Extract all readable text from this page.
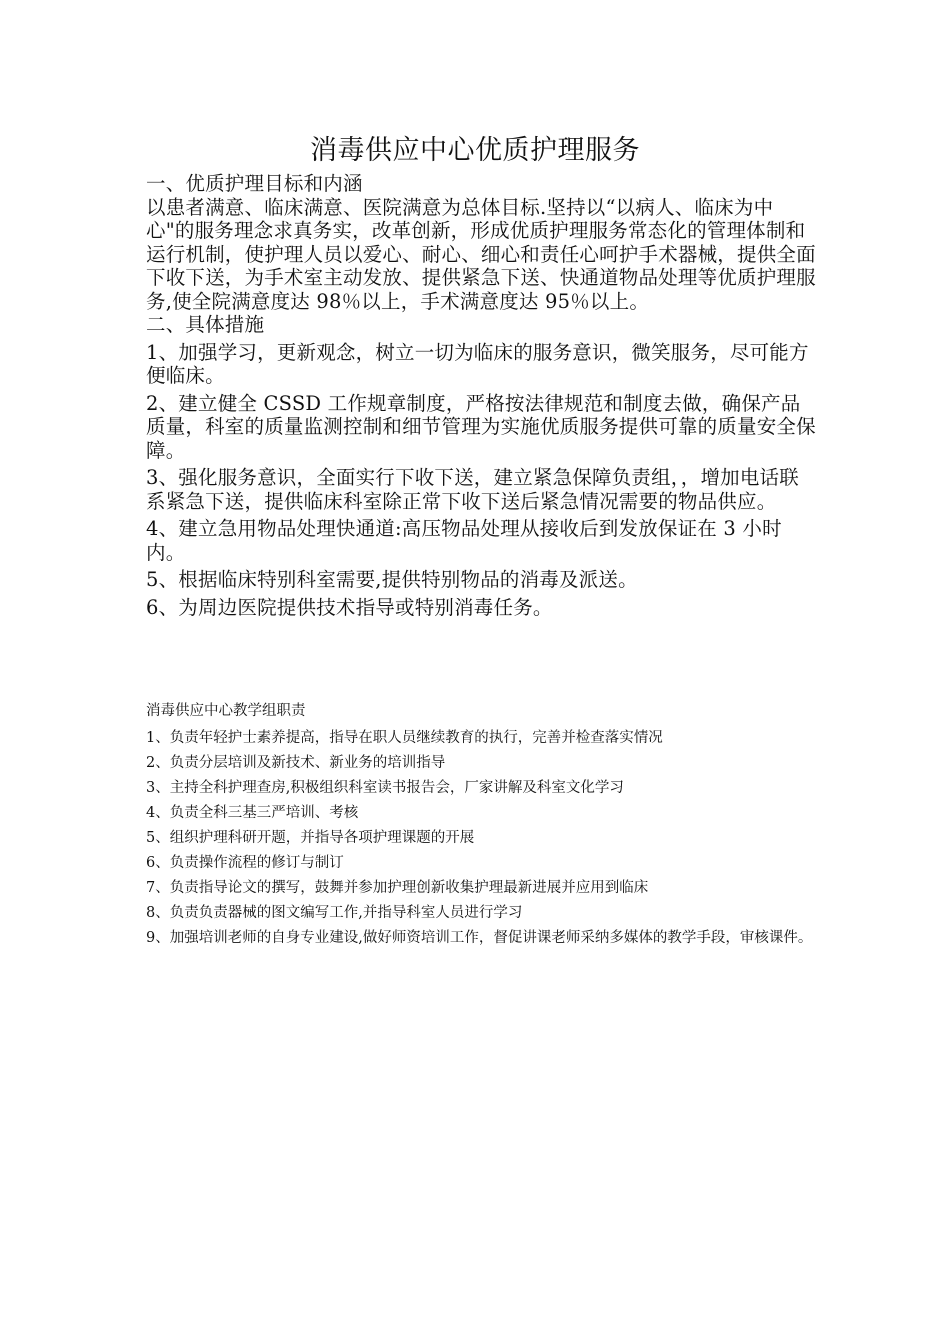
消毒供应中心优质护理服务

一、优质护理目标和内涵

以患者满意、临床满意、医院满意为总体目标.坚持以“以病人、临床为中心"的服务理念求真务实，改革创新，形成优质护理服务常态化的管理体制和运行机制，使护理人员以爱心、耐心、细心和责任心呵护手术器械，提供全面下收下送，为手术室主动发放、提供紧急下送、快通道物品处理等优质护理服务,使全院满意度达 98％以上，手术满意度达 95％以上。

二、具体措施

1、加强学习，更新观念，树立一切为临床的服务意识，微笑服务，尽可能方便临床。

2、建立健全 CSSD 工作规章制度，严格按法律规范和制度去做，确保产品质量，科室的质量监测控制和细节管理为实施优质服务提供可靠的质量安全保障。

3、强化服务意识，全面实行下收下送，建立紧急保障负责组，，增加电话联系紧急下送，提供临床科室除正常下收下送后紧急情况需要的物品供应。

4、建立急用物品处理快通道:高压物品处理从接收后到发放保证在 3 小时内。

5、根据临床特别科室需要,提供特别物品的消毒及派送。

6、为周边医院提供技术指导或特别消毒任务。

消毒供应中心教学组职责

1、负责年轻护士素养提高，指导在职人员继续教育的执行，完善并检查落实情况

2、负责分层培训及新技术、新业务的培训指导

3、主持全科护理查房,积极组织科室读书报告会，厂家讲解及科室文化学习

4、负责全科三基三严培训、考核

5、组织护理科研开题，并指导各项护理课题的开展

6、负责操作流程的修订与制订

7、负责指导论文的撰写，鼓舞并参加护理创新收集护理最新进展并应用到临床

8、负责负责器械的图文编写工作,并指导科室人员进行学习

9、加强培训老师的自身专业建设,做好师资培训工作，督促讲课老师采纳多媒体的教学手段，审核课件。
